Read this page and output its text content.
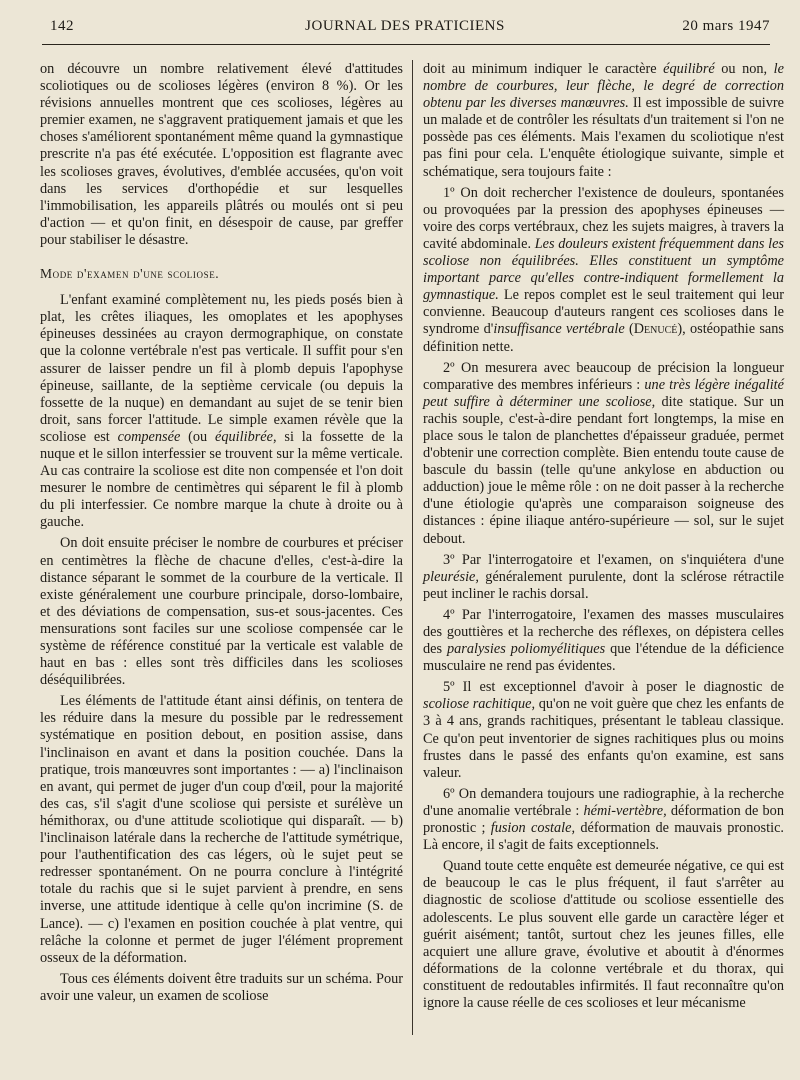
142	JOURNAL DES PRATICIENS	20 mars 1947

on découvre un nombre relativement élevé d'attitudes scoliotiques ou de scolioses légères (environ 8 %). Or les révisions annuelles montrent que ces scolioses, légères au premier examen, ne s'aggravent pratiquement jamais et que les choses s'améliorent spontanément même quand la gymnastique prescrite n'a pas été exécutée. L'opposition est flagrante avec les scolioses graves, évolutives, d'emblée accusées, qu'on voit dans les services d'orthopédie et sur lesquelles l'immobilisation, les appareils plâtrés ou moulés ont si peu d'action — et qu'on finit, en désespoir de cause, par greffer pour stabiliser le désastre.

Mode d'examen d'une scoliose.

L'enfant examiné complètement nu, les pieds posés bien à plat, les crêtes iliaques, les omoplates et les apophyses épineuses dessinées au crayon dermographique, on constate que la colonne vertébrale n'est pas verticale. Il suffit pour s'en assurer de laisser pendre un fil à plomb depuis l'apophyse épineuse, saillante, de la septième cervicale (ou depuis la fossette de la nuque) en demandant au sujet de se tenir bien droit, sans forcer l'attitude. Le simple examen révèle que la scoliose est compensée (ou équilibrée, si la fossette de la nuque et le sillon interfessier se trouvent sur la même verticale. Au cas contraire la scoliose est dite non compensée et l'on doit mesurer le nombre de centimètres qui séparent le fil à plomb du pli interfessier. Ce nombre marque la chute à droite ou à gauche.

On doit ensuite préciser le nombre de courbures et préciser en centimètres la flèche de chacune d'elles, c'est-à-dire la distance séparant le sommet de la courbure de la verticale. Il existe généralement une courbure principale, dorso-lombaire, et des déviations de compensation, sus-et sous-jacentes. Ces mensurations sont faciles sur une scoliose compensée car le système de référence constitué par la verticale est valable de haut en bas : elles sont très difficiles dans les scolioses déséquilibrées.

Les éléments de l'attitude étant ainsi définis, on tentera de les réduire dans la mesure du possible par le redressement systématique en position debout, en position assise, dans l'inclinaison en avant et dans la position couchée. Dans la pratique, trois manœuvres sont importantes : — a) l'inclinaison en avant, qui permet de juger d'un coup d'œil, pour la majorité des cas, s'il s'agit d'une scoliose qui persiste et surélève un hémithorax, ou d'une attitude scoliotique qui disparaît. — b) l'inclinaison latérale dans la recherche de l'attitude symétrique, pour l'authentification des cas légers, où le sujet peut se redresser spontanément. On ne pourra conclure à l'intégrité totale du rachis que si le sujet parvient à prendre, en sens inverse, une attitude identique à celle qu'on incrimine (S. de Lance). — c) l'examen en position couchée à plat ventre, qui relâche la colonne et permet de juger l'élément proprement osseux de la déformation.

Tous ces éléments doivent être traduits sur un schéma. Pour avoir une valeur, un examen de scoliose

doit au minimum indiquer le caractère équilibré ou non, le nombre de courbures, leur flèche, le degré de correction obtenu par les diverses manœuvres. Il est impossible de suivre un malade et de contrôler les résultats d'un traitement si l'on ne possède pas ces éléments. Mais l'examen du scoliotique n'est pas fini pour cela. L'enquête étiologique suivante, simple et schématique, sera toujours faite :

1º On doit rechercher l'existence de douleurs, spontanées ou provoquées par la pression des apophyses épineuses — voire des corps vertébraux, chez les sujets maigres, à travers la cavité abdominale. Les douleurs existent fréquemment dans les scoliose non équilibrées. Elles constituent un symptôme important parce qu'elles contre-indiquent formellement la gymnastique. Le repos complet est le seul traitement qui leur convienne. Beaucoup d'auteurs rangent ces scolioses dans le syndrome d'insuffisance vertébrale (Denucé), ostéopathie sans définition nette.

2º On mesurera avec beaucoup de précision la longueur comparative des membres inférieurs : une très légère inégalité peut suffire à déterminer une scoliose, dite statique. Sur un rachis souple, c'est-à-dire pendant fort longtemps, la mise en place sous le talon de planchettes d'épaisseur graduée, permet d'obtenir une correction complète. Bien entendu toute cause de bascule du bassin (telle qu'une ankylose en abduction ou adduction) joue le même rôle : on ne doit passer à la recherche d'une étiologie qu'après une comparaison soigneuse des distances : épine iliaque antéro-supérieure — sol, sur le sujet debout.

3º Par l'interrogatoire et l'examen, on s'inquiétera d'une pleurésie, généralement purulente, dont la sclérose rétractile peut incliner le rachis dorsal.

4º Par l'interrogatoire, l'examen des masses musculaires des gouttières et la recherche des réflexes, on dépistera celles des paralysies poliomyélitiques que l'étendue de la déficience musculaire ne rend pas évidentes.

5º Il est exceptionnel d'avoir à poser le diagnostic de scoliose rachitique, qu'on ne voit guère que chez les enfants de 3 à 4 ans, grands rachitiques, présentant le tableau classique. Ce qu'on peut inventorier de signes rachitiques plus ou moins frustes dans le passé des enfants qu'on examine, est sans valeur.

6º On demandera toujours une radiographie, à la recherche d'une anomalie vertébrale : hémi-vertèbre, déformation de bon pronostic ; fusion costale, déformation de mauvais pronostic. Là encore, il s'agit de faits exceptionnels.

Quand toute cette enquête est demeurée négative, ce qui est de beaucoup le cas le plus fréquent, il faut s'arrêter au diagnostic de scoliose d'attitude ou scoliose essentielle des adolescents. Le plus souvent elle garde un caractère léger et guérit aisément; tantôt, surtout chez les jeunes filles, elle acquiert une allure grave, évolutive et aboutit à d'énormes déformations de la colonne vertébrale et du thorax, qui constituent de redoutables infirmités. Il faut reconnaître qu'on ignore la cause réelle de ces scolioses et leur mécanisme
